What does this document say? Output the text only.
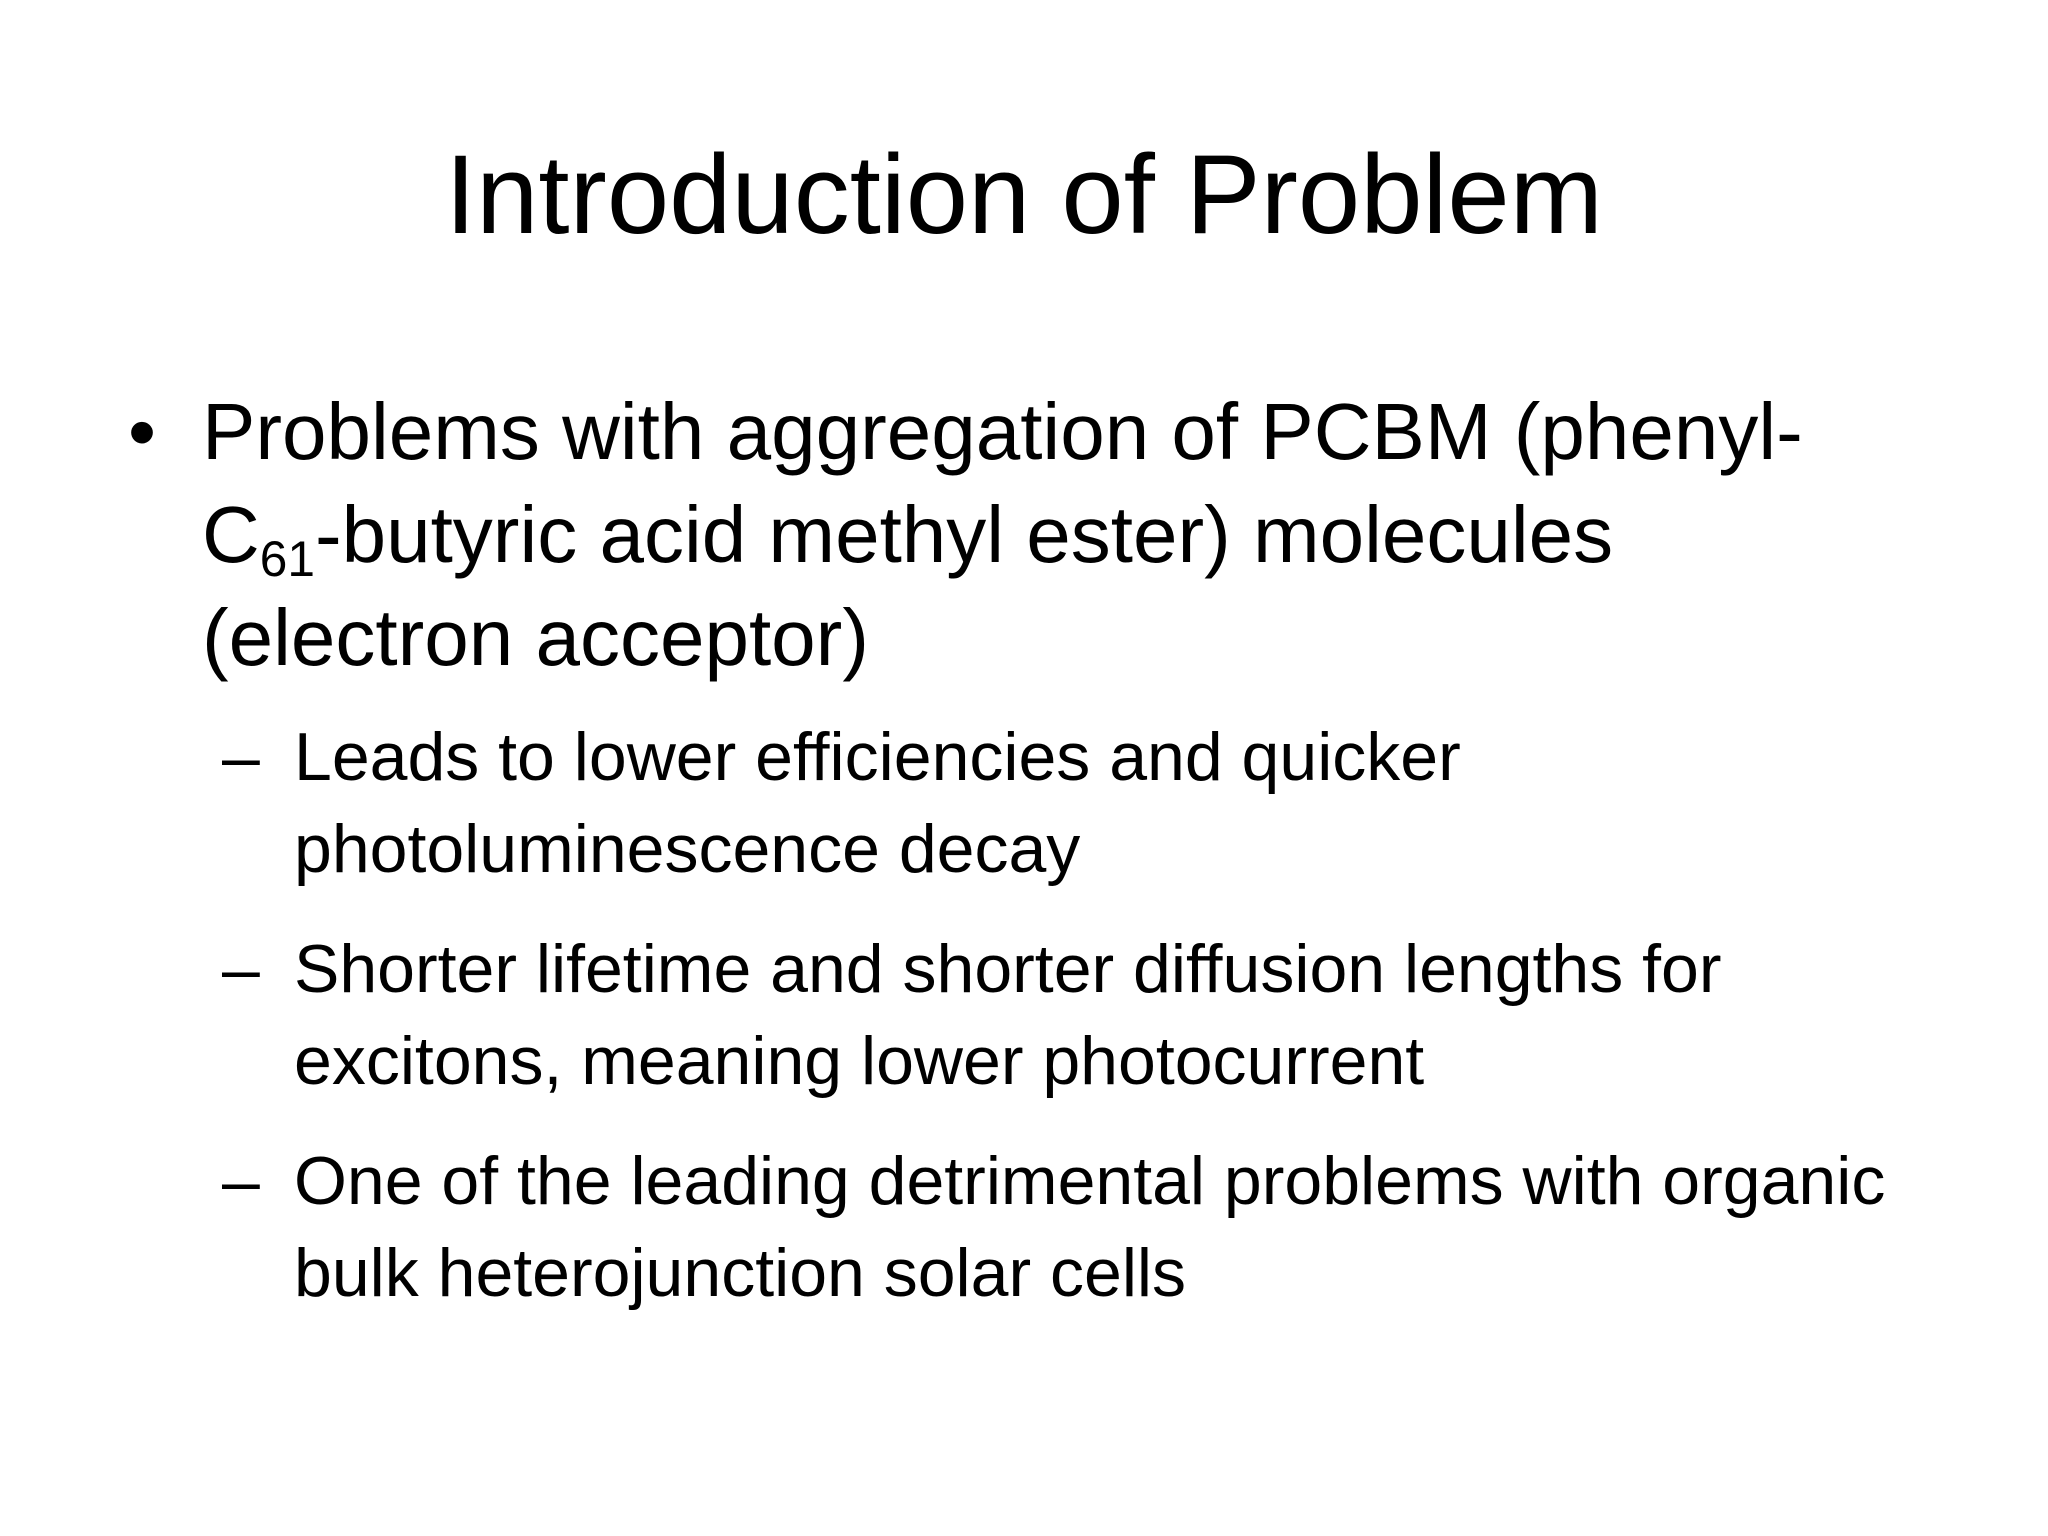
Introduction of Problem
• Problems with aggregation of PCBM ($phenyl-C_{61}$-butyric acid methyl ester) molecules (electron acceptor)
– Leads to lower efficiencies and quicker photoluminescence decay
– Shorter lifetime and shorter diffusion lengths for excitons, meaning lower photocurrent
– One of the leading detrimental problems with organic bulk heterojunction solar cells
